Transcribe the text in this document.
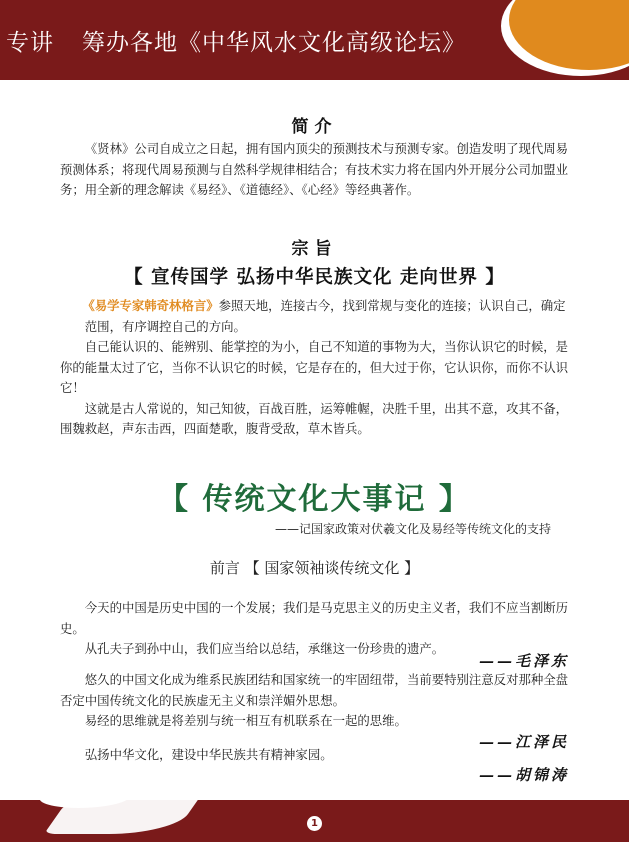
专讲 筹办各地《中华风水文化高级论坛》
简介

《贤林》公司自成立之日起，拥有国内顶尖的预测技术与预测专家。创造发明了现代周易预测体系；将现代周易预测与自然科学规律相结合；有技术实力将在国内外开展分公司加盟业务；用全新的理念解读《易经》、《道德经》、《心经》等经典著作。

宗旨
【 宣传国学 弘扬中华民族文化 走向世界 】

《易学专家韩奇林格言》参照天地，连接古今，找到常规与变化的连接；认识自己，确定范围，有序调控自己的方向。

自己能认识的、能辨别、能掌控的为小，自己不知道的事物为大，当你认识它的时候，是你的能量太过了它，当你不认识它的时候，它是存在的，但大过于你，它认识你，而你不认识它！

这就是古人常说的，知己知彼，百战百胜，运筹帷幄，决胜千里，出其不意，攻其不备，围魏救赵，声东击西，四面楚歌，腹背受敌，草木皆兵。

【 传统文化大事记 】
——记国家政策对伏羲文化及易经等传统文化的支持
前言 【 国家领袖谈传统文化 】

今天的中国是历史中国的一个发展；我们是马克思主义的历史主义者，我们不应当割断历史。

从孔夫子到孙中山，我们应当给以总结，承继这一份珍贵的遗产。

——毛泽东

悠久的中国文化成为维系民族团结和国家统一的牢固纽带，当前要特别注意反对那种全盘否定中国传统文化的民族虚无主义和崇洋媚外思想。

易经的思维就是将差别与统一相互有机联系在一起的思维。

——江泽民

弘扬中华文化，建设中华民族共有精神家园。

——胡锦涛
1
